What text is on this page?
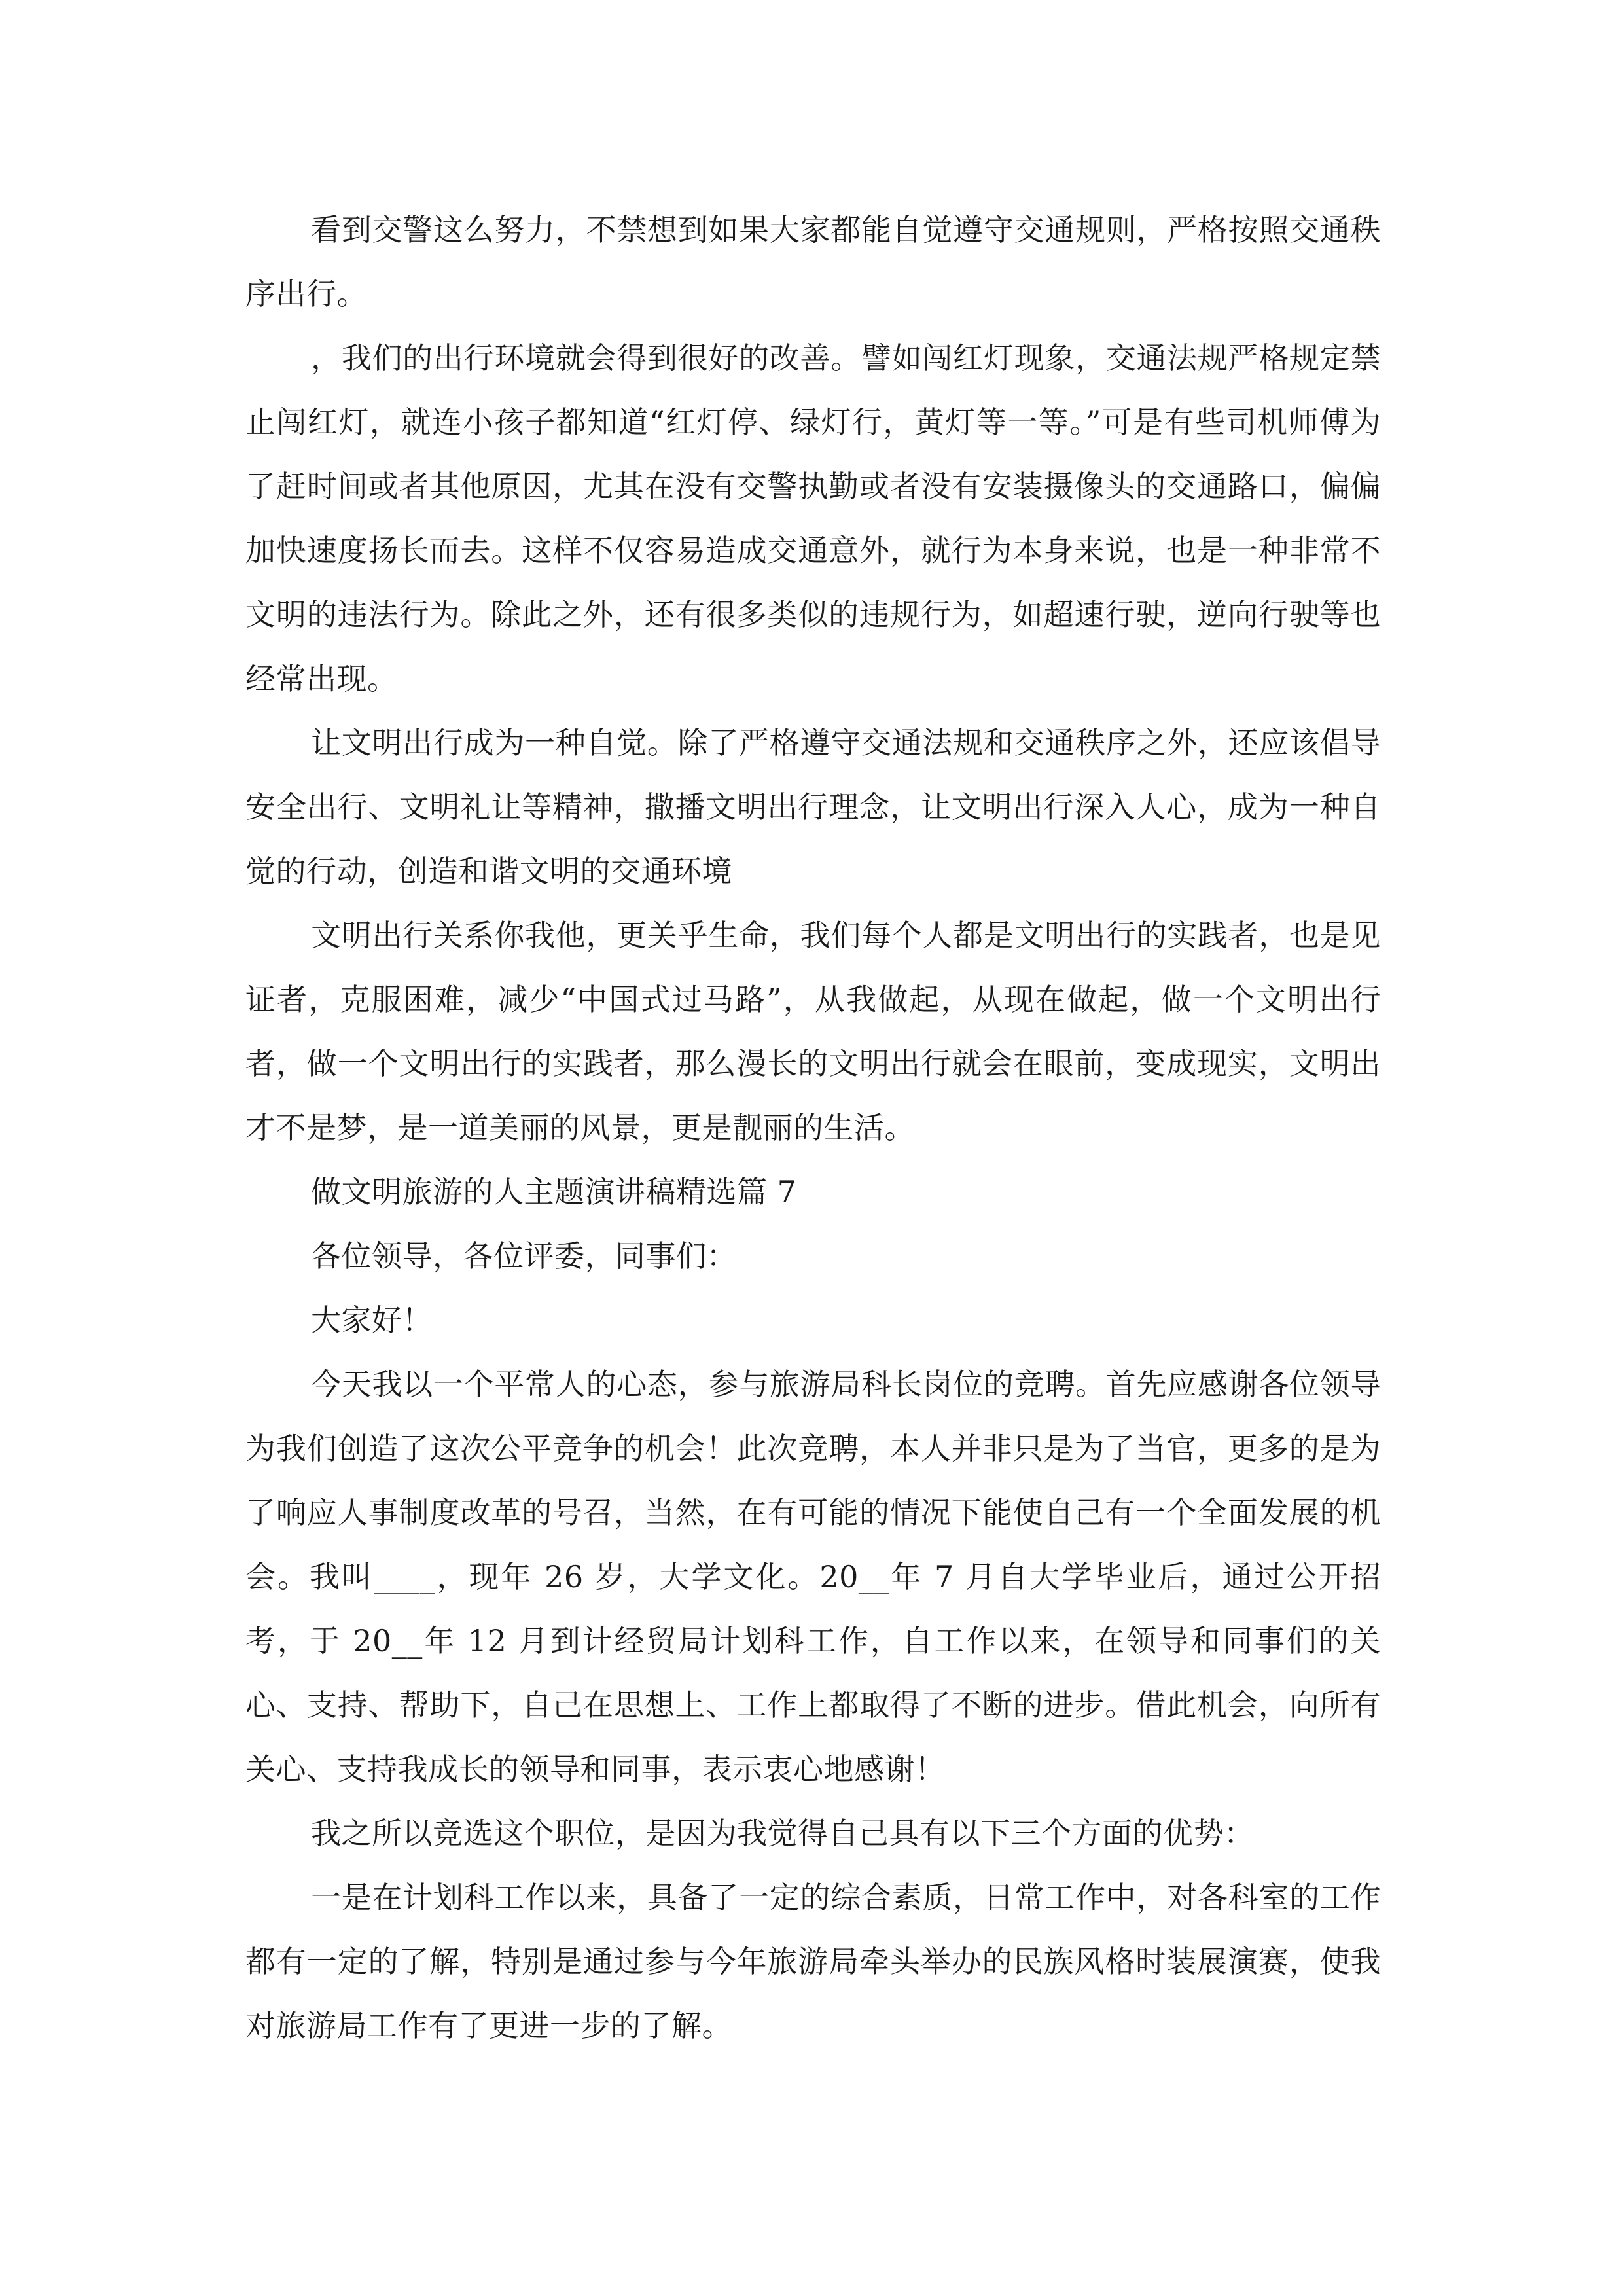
看到交警这么努力，不禁想到如果大家都能自觉遵守交通规则，严格按照交通秩序出行。

，我们的出行环境就会得到很好的改善。譬如闯红灯现象，交通法规严格规定禁止闯红灯，就连小孩子都知道“红灯停、绿灯行，黄灯等一等。”可是有些司机师傅为了赶时间或者其他原因，尤其在没有交警执勤或者没有安装摄像头的交通路口，偏偏加快速度扬长而去。这样不仅容易造成交通意外，就行为本身来说，也是一种非常不文明的违法行为。除此之外，还有很多类似的违规行为，如超速行驶，逆向行驶等也经常出现。

让文明出行成为一种自觉。除了严格遵守交通法规和交通秩序之外，还应该倡导安全出行、文明礼让等精神，撒播文明出行理念，让文明出行深入人心，成为一种自觉的行动，创造和谐文明的交通环境

文明出行关系你我他，更关乎生命，我们每个人都是文明出行的实践者，也是见证者，克服困难，减少“中国式过马路”，从我做起，从现在做起，做一个文明出行者，做一个文明出行的实践者，那么漫长的文明出行就会在眼前，变成现实，文明出才不是梦，是一道美丽的风景，更是靓丽的生活。

做文明旅游的人主题演讲稿精选篇 7

各位领导，各位评委，同事们：

大家好！

今天我以一个平常人的心态，参与旅游局科长岗位的竞聘。首先应感谢各位领导为我们创造了这次公平竞争的机会！此次竞聘，本人并非只是为了当官，更多的是为了响应人事制度改革的号召，当然，在有可能的情况下能使自己有一个全面发展的机会。我叫____，现年 26 岁，大学文化。20__年 7 月自大学毕业后，通过公开招考，于 20__年 12 月到计经贸局计划科工作，自工作以来，在领导和同事们的关心、支持、帮助下，自己在思想上、工作上都取得了不断的进步。借此机会，向所有关心、支持我成长的领导和同事，表示衷心地感谢！

我之所以竞选这个职位，是因为我觉得自己具有以下三个方面的优势：

一是在计划科工作以来，具备了一定的综合素质，日常工作中，对各科室的工作都有一定的了解，特别是通过参与今年旅游局牵头举办的民族风格时装展演赛，使我对旅游局工作有了更进一步的了解。
